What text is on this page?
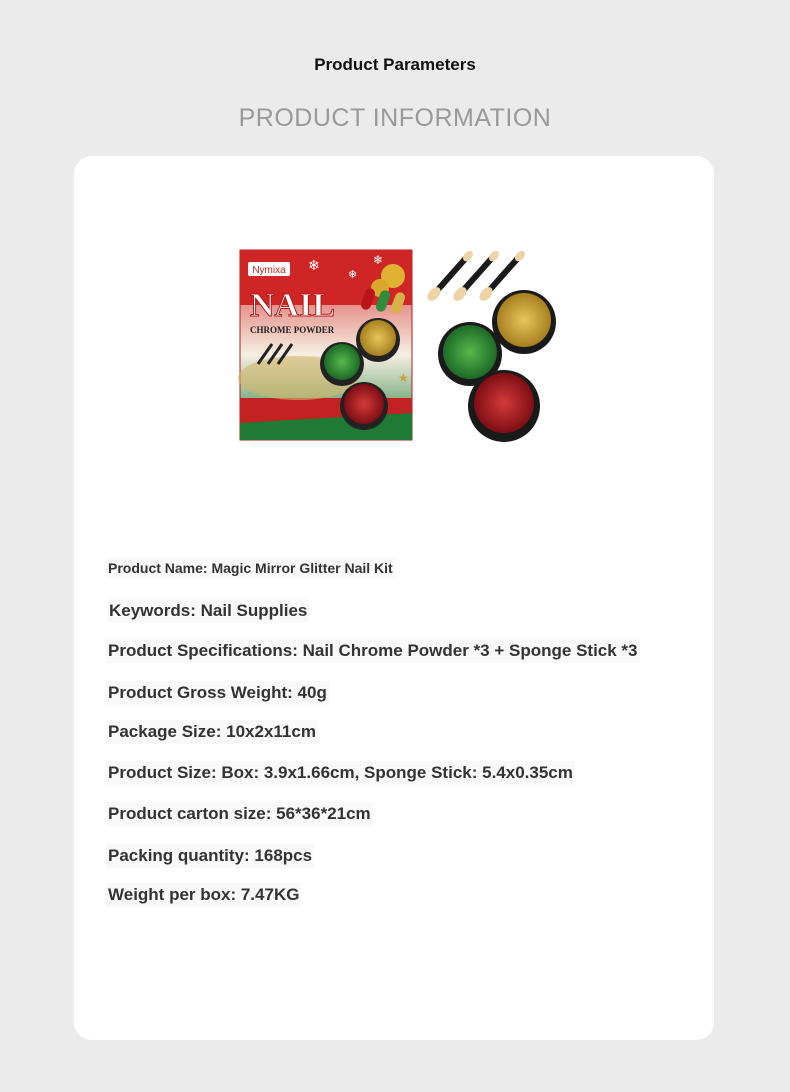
Product Parameters
PRODUCT INFORMATION
❄
❄
❄
Nymixa
NAIL
CHROME POWDER
★
Product Name: Magic Mirror Glitter Nail Kit
Keywords: Nail Supplies
Product Specifications: Nail Chrome Powder *3 + Sponge Stick *3
Product Gross Weight: 40g
Package Size: 10x2x11cm
Product Size: Box: 3.9x1.66cm, Sponge Stick: 5.4x0.35cm
Product carton size: 56*36*21cm
Packing quantity: 168pcs
Weight per box: 7.47KG
